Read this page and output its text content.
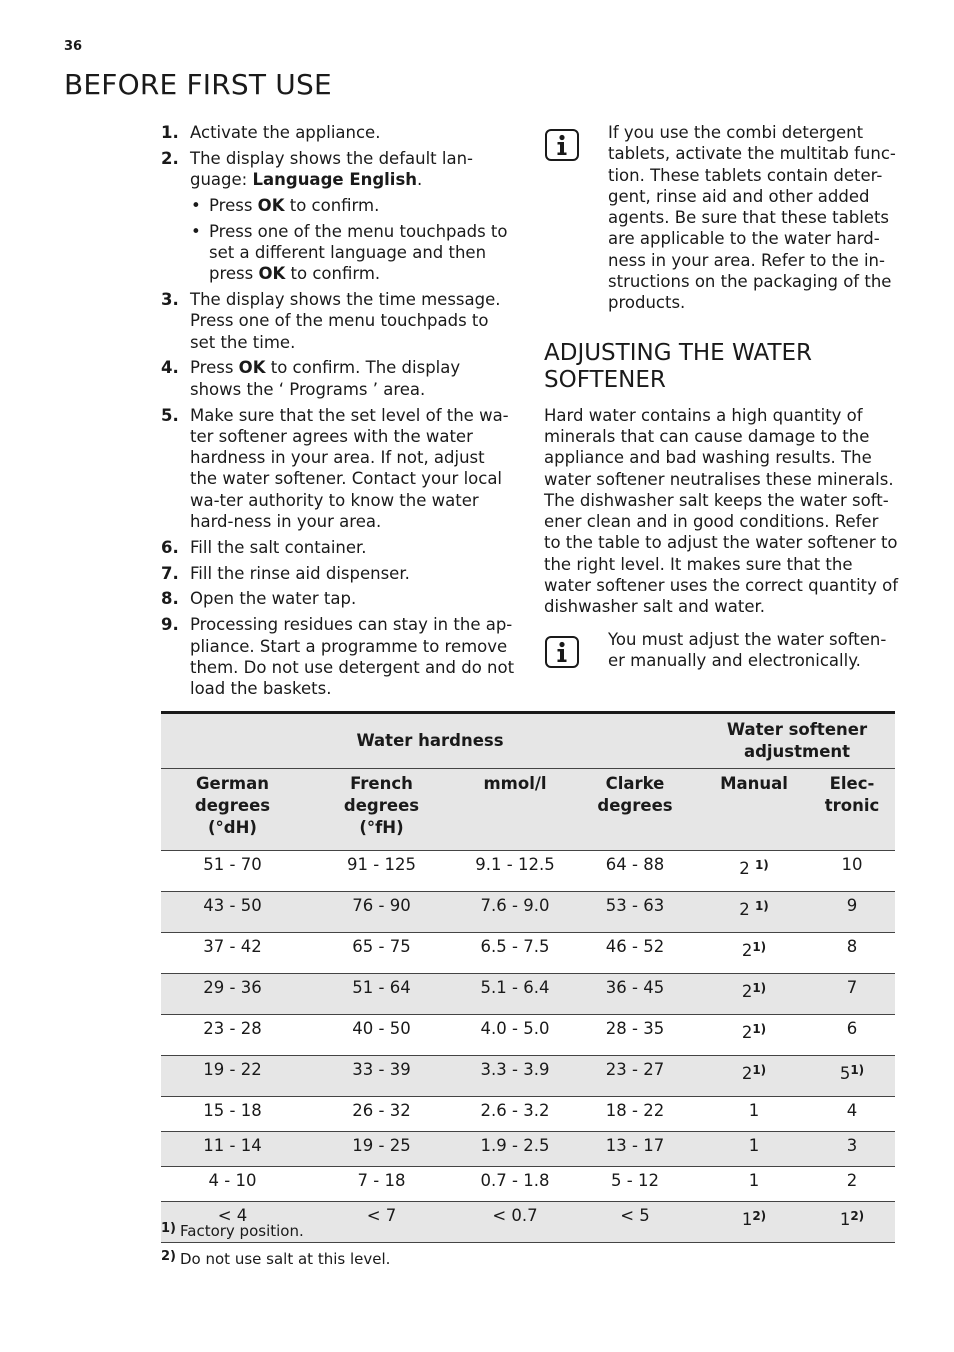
36
BEFORE FIRST USE
1. Activate the appliance.
2. The display shows the default lan-
guage: Language English.
• Press OK to confirm.
• Press one of the menu touchpads to set a different language and then press OK to confirm.
3. The display shows the time message. Press one of the menu touchpads to set the time.
4. Press OK to confirm. The display shows the ‘ Programs ’ area.
5. Make sure that the set level of the wa-ter softener agrees with the water hardness in your area. If not, adjust the water softener. Contact your local wa-ter authority to know the water hard-ness in your area.
6. Fill the salt container.
7. Fill the rinse aid dispenser.
8. Open the water tap.
9. Processing residues can stay in the ap-pliance. Start a programme to remove them. Do not use detergent and do not load the baskets.
If you use the combi detergent tablets, activate the multitab func-tion. These tablets contain deter-gent, rinse aid and other added agents. Be sure that these tablets are applicable to the water hard-ness in your area. Refer to the in-structions on the packaging of the products.
ADJUSTING THE WATER
SOFTENER
Hard water contains a high quantity of minerals that can cause damage to the appliance and bad washing results. The water softener neutralises these minerals. The dishwasher salt keeps the water soft-ener clean and in good conditions. Refer to the table to adjust the water softener to the right level. It makes sure that the water softener uses the correct quantity of dishwasher salt and water.
You must adjust the water soften-er manually and electronically.
Water hardness				Water softener
adjustment	
German
degrees
(°dH)	French
degrees
(°fH)	mmol/l	Clarke
degrees	Manual	Elec-
tronic
51 - 70	91 - 125	9.1 - 12.5	64 - 88	2 $^{1)}$	10
43 - 50	76 - 90	7.6 - 9.0	53 - 63	2 $^{1)}$	9
37 - 42	65 - 75	6.5 - 7.5	46 - 52	2$^{1)}$	8
29 - 36	51 - 64	5.1 - 6.4	36 - 45	2$^{1)}$	7
23 - 28	40 - 50	4.0 - 5.0	28 - 35	2$^{1)}$	6
19 - 22	33 - 39	3.3 - 3.9	23 - 27	2$^{1)}$	5$^{1)}$
15 - 18	26 - 32	2.6 - 3.2	18 - 22	1	4
11 - 14	19 - 25	1.9 - 2.5	13 - 17	1	3
4 - 10	7 - 18	0.7 - 1.8	5 - 12	1	2
< 4	< 7	< 0.7	< 5	1$^{2)}$	1$^{2)}$
1) Factory position.
2) Do not use salt at this level.
